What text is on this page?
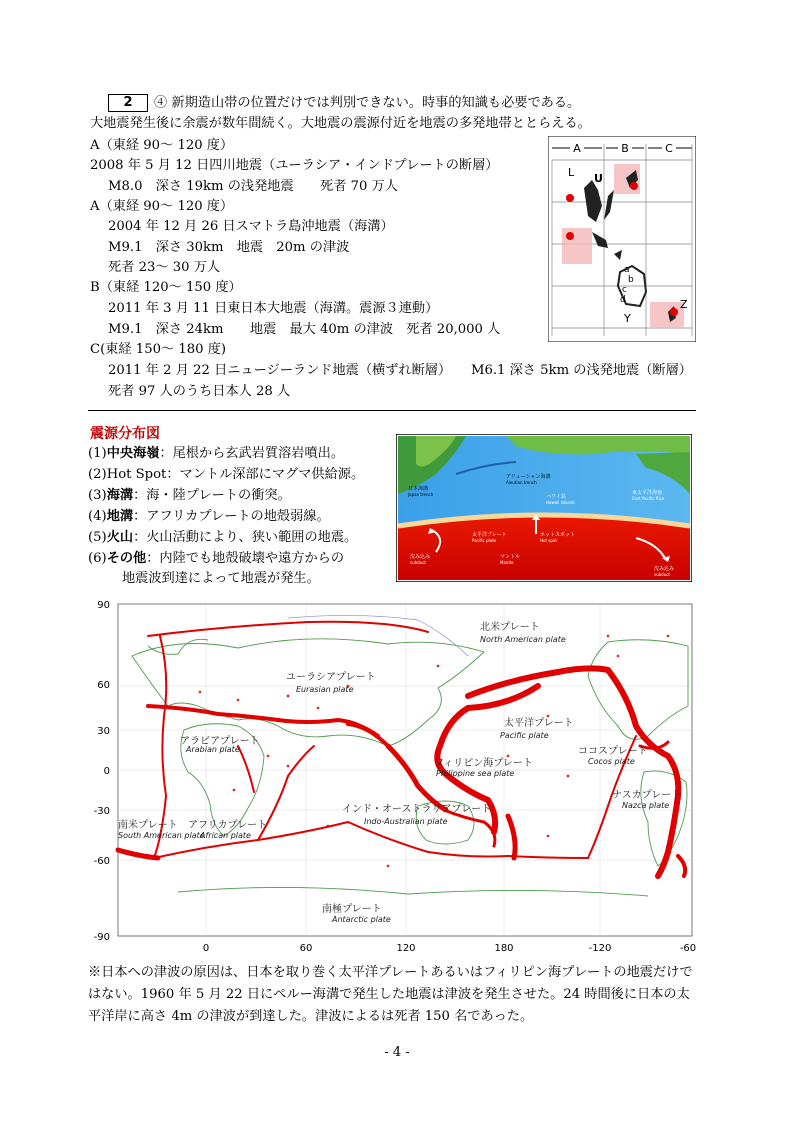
2 ④ 新期造山帯の位置だけでは判別できない。時事的知識も必要である。
大地震発生後に余震が数年間続く。大地震の震源付近を地震の多発地帯ととらえる。
A（東経 90～ 120 度）
2008 年 5 月 12 日四川地震（ユーラシア・インドプレートの断層）
M8.0　深さ 19km の浅発地震　　死者 70 万人
A（東経 90～ 120 度）
2004 年 12 月 26 日スマトラ島沖地震（海溝）
M9.1　深さ 30km　地震　20m の津波
死者 23～ 30 万人
B（東経 120～ 150 度）
2011 年 3 月 11 日東日本大地震（海溝。震源３連動）
M9.1　深さ 24km　　地震　最大 40m の津波　死者 20,000 人
C(東経 150～ 180 度)
2011 年 2 月 22 日ニュージーランド地震（横ずれ断層）　　M6.1 深さ 5km の浅発地震（断層）
死者 97 人のうち日本人 28 人
A	B	C
L U
a
b
c
d
Y
Z
震源分布図
(1)中央海嶺：尾根から玄武岩質溶岩噴出。
(2)Hot Spot：マントル深部にマグマ供給源。
(3)海溝：海・陸プレートの衝突。
(4)地溝：アフリカプレートの地殻弱線。
(5)火山：火山活動により、狭い範囲の地震。
(6)その他：内陸でも地殻破壊や遠方からの
地震波到達によって地震が発生。
日本海溝
Japan trench
アリューシャン海溝
Aleutian trench
ハワイ島
Hawaii Islands
東太平洋海嶺
East Pacific Rise
太平洋プレート
Pacific plate
ホットスポット
Hot spot
マントル
Mantle
沈み込み
subduct
沈み込み
subduct
90
60
30
0
-30
-60
-90
0	60	120	180	-120	-60
北米プレート
North American plate
ユーラシアプレート
Eurasian plate
太平洋プレート
Pacific plate
アラビアプレート
Arabian plate	ココスプレート
Cocos plate
フィリピン海プレート
Philippine sea plate
ナスカプレート
Nazca plate
インド・オーストラリアプレート
Indo-Australian plate
南米プレート
South American plate
アフリカプレート
African plate
南極プレート
Antarctic plate
※日本への津波の原因は、日本を取り巻く太平洋プレートあるいはフィリピン海プレートの地震だけではない。1960 年 5 月 22 日にペルー海溝で発生した地震は津波を発生させた。24 時間後に日本の太平洋岸に高さ 4m の津波が到達した。津波によるは死者 150 名であった。
- 4 -
